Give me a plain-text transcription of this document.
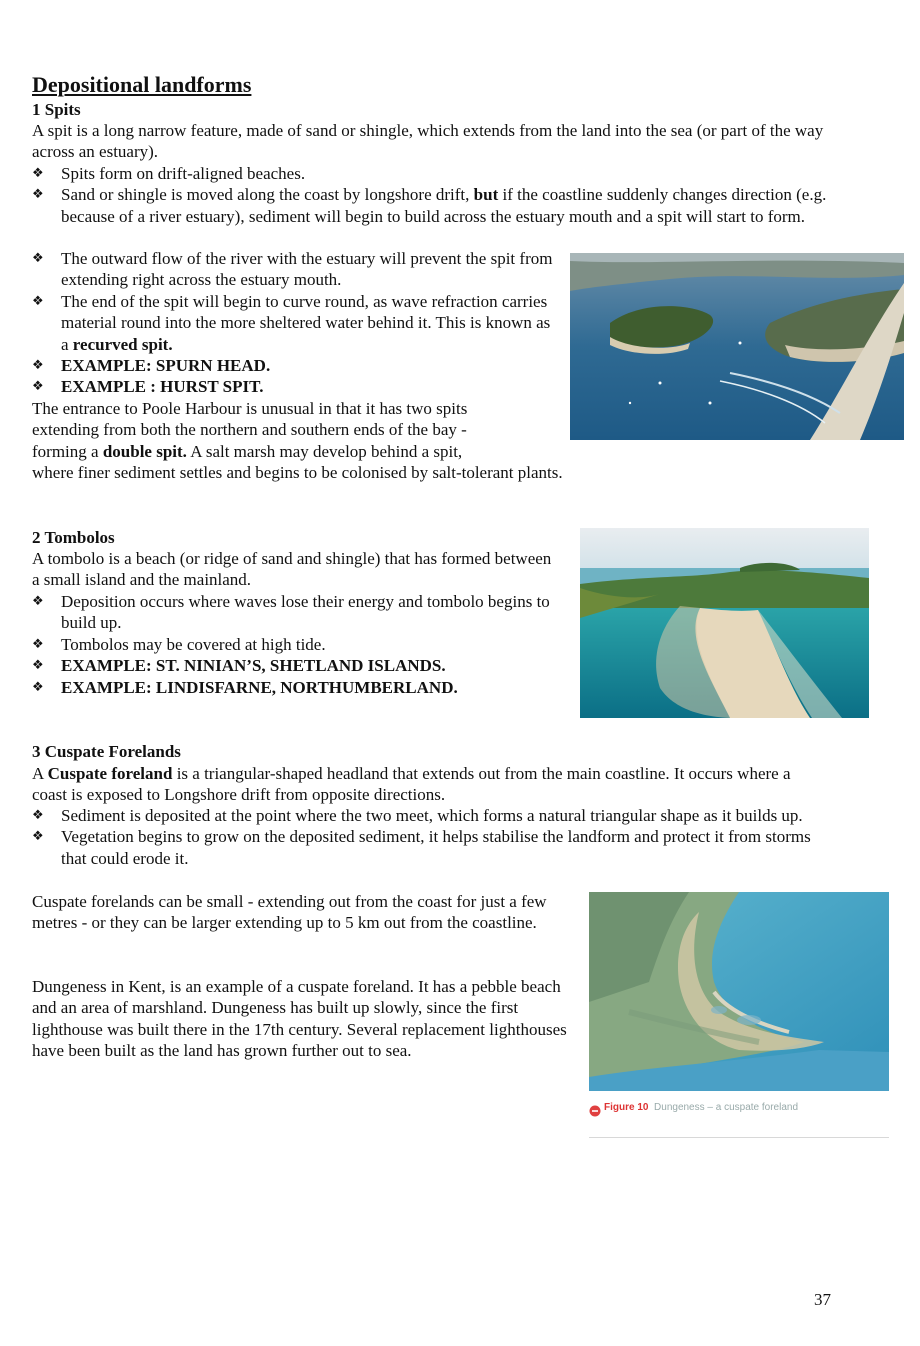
Depositional landforms
1 Spits
A spit is a long narrow feature, made of sand or shingle, which extends from the land into the sea (or part of the way across an estuary).
❖ Spits form on drift-aligned beaches.
❖ Sand or shingle is moved along the coast by longshore drift, but if the coastline suddenly changes direction (e.g. because of a river estuary), sediment will begin to build across the estuary mouth and a spit will start to form.
❖ The outward flow of the river with the estuary will prevent the spit from extending right across the estuary mouth.
❖ The end of the spit will begin to curve round, as wave refraction carries material round into the more sheltered water behind it. This is known as a recurved spit.
❖ EXAMPLE: SPURN HEAD.
❖ EXAMPLE : HURST SPIT.
The entrance to Poole Harbour is unusual in that it has two spits extending from both the northern and southern ends of the bay - forming a double spit. A salt marsh may develop behind a spit,
where finer sediment settles and begins to be colonised by salt-tolerant plants.
2 Tombolos
A tombolo is a beach (or ridge of sand and shingle) that has formed between a small island and the mainland.
❖ Deposition occurs where waves lose their energy and tombolo begins to build up.
❖ Tombolos may be covered at high tide.
❖ EXAMPLE: ST. NINIAN’S, SHETLAND ISLANDS.
❖ EXAMPLE: LINDISFARNE, NORTHUMBERLAND.
3 Cuspate Forelands
A Cuspate foreland is a triangular-shaped headland that extends out from the main coastline. It occurs where a coast is exposed to Longshore drift from opposite directions.
❖ Sediment is deposited at the point where the two meet, which forms a natural triangular shape as it builds up.
❖ Vegetation begins to grow on the deposited sediment, it helps stabilise the landform and protect it from storms that could erode it.
Cuspate forelands can be small - extending out from the coast for just a few metres - or they can be larger extending up to 5 km out from the coastline.
Dungeness in Kent, is an example of a cuspate foreland. It has a pebble beach and an area of marshland. Dungeness has built up slowly, since the first lighthouse was built there in the 17th century. Several replacement lighthouses have been built as the land has grown further out to sea.
Figure 10 Dungeness – a cuspate foreland
37
